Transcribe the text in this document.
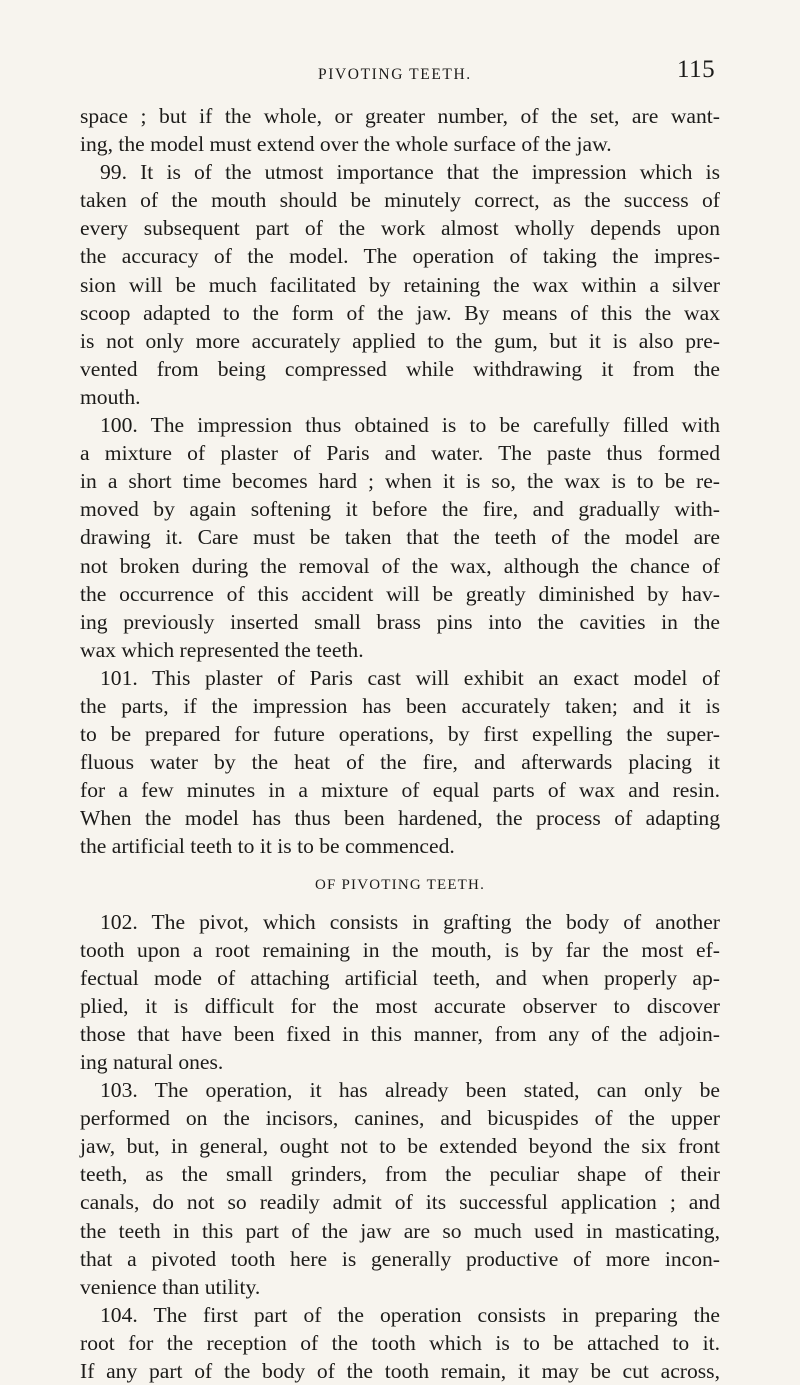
PIVOTING TEETH.	115
space ; but if the whole, or greater number, of the set, are want-
ing, the model must extend over the whole surface of the jaw.
99. It is of the utmost importance that the impression which is
taken of the mouth should be minutely correct, as the success of
every subsequent part of the work almost wholly depends upon
the accuracy of the model. The operation of taking the impres-
sion will be much facilitated by retaining the wax within a silver
scoop adapted to the form of the jaw. By means of this the wax
is not only more accurately applied to the gum, but it is also pre-
vented from being compressed while withdrawing it from the
mouth.
100. The impression thus obtained is to be carefully filled with
a mixture of plaster of Paris and water. The paste thus formed
in a short time becomes hard ; when it is so, the wax is to be re-
moved by again softening it before the fire, and gradually with-
drawing it. Care must be taken that the teeth of the model are
not broken during the removal of the wax, although the chance of
the occurrence of this accident will be greatly diminished by hav-
ing previously inserted small brass pins into the cavities in the
wax which represented the teeth.
101. This plaster of Paris cast will exhibit an exact model of
the parts, if the impression has been accurately taken; and it is
to be prepared for future operations, by first expelling the super-
fluous water by the heat of the fire, and afterwards placing it
for a few minutes in a mixture of equal parts of wax and resin.
When the model has thus been hardened, the process of adapting
the artificial teeth to it is to be commenced.
OF PIVOTING TEETH.
102. The pivot, which consists in grafting the body of another
tooth upon a root remaining in the mouth, is by far the most ef-
fectual mode of attaching artificial teeth, and when properly ap-
plied, it is difficult for the most accurate observer to discover
those that have been fixed in this manner, from any of the adjoin-
ing natural ones.
103. The operation, it has already been stated, can only be
performed on the incisors, canines, and bicuspides of the upper
jaw, but, in general, ought not to be extended beyond the six front
teeth, as the small grinders, from the peculiar shape of their
canals, do not so readily admit of its successful application ; and
the teeth in this part of the jaw are so much used in masticating,
that a pivoted tooth here is generally productive of more incon-
venience than utility.
104. The first part of the operation consists in preparing the
root for the reception of the tooth which is to be attached to it.
If any part of the body of the tooth remain, it may be cut across,
